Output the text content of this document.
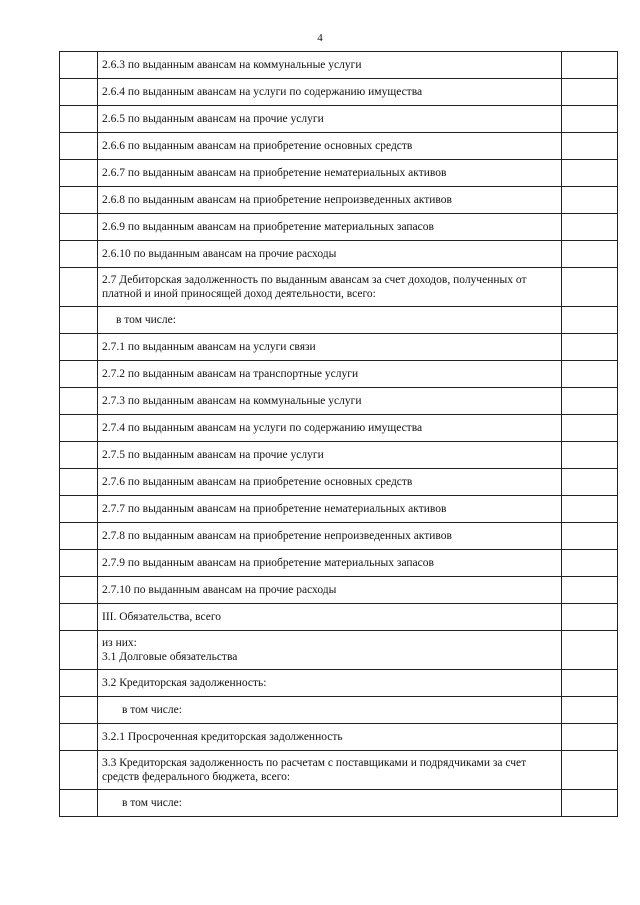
4
	2.6.3 по выданным авансам на коммунальные услуги	
	2.6.4 по выданным авансам на услуги по содержанию имущества	
	2.6.5 по выданным авансам на прочие услуги	
	2.6.6 по выданным авансам на приобретение основных средств	
	2.6.7 по выданным авансам на приобретение нематериальных активов	
	2.6.8 по выданным авансам на приобретение непроизведенных активов	
	2.6.9 по выданным авансам на приобретение материальных запасов	
	2.6.10 по выданным авансам на прочие расходы	
	2.7 Дебиторская задолженность по выданным авансам за счет доходов, полученных от платной и иной приносящей доход деятельности, всего:	
	в том числе:	
	2.7.1 по выданным авансам на услуги связи	
	2.7.2 по выданным авансам на транспортные услуги	
	2.7.3 по выданным авансам на коммунальные услуги	
	2.7.4 по выданным авансам на услуги по содержанию имущества	
	2.7.5 по выданным авансам на прочие услуги	
	2.7.6 по выданным авансам на приобретение основных средств	
	2.7.7 по выданным авансам на приобретение нематериальных активов	
	2.7.8 по выданным авансам на приобретение непроизведенных активов	
	2.7.9 по выданным авансам на приобретение материальных запасов	
	2.7.10 по выданным авансам на прочие расходы	
	III. Обязательства, всего	
	из них:
3.1 Долговые обязательства	
	3.2 Кредиторская задолженность:	
	в том числе:	
	3.2.1 Просроченная кредиторская задолженность	
	3.3 Кредиторская задолженность по расчетам с поставщиками и подрядчиками за счет средств федерального бюджета, всего:	
	в том числе:	
